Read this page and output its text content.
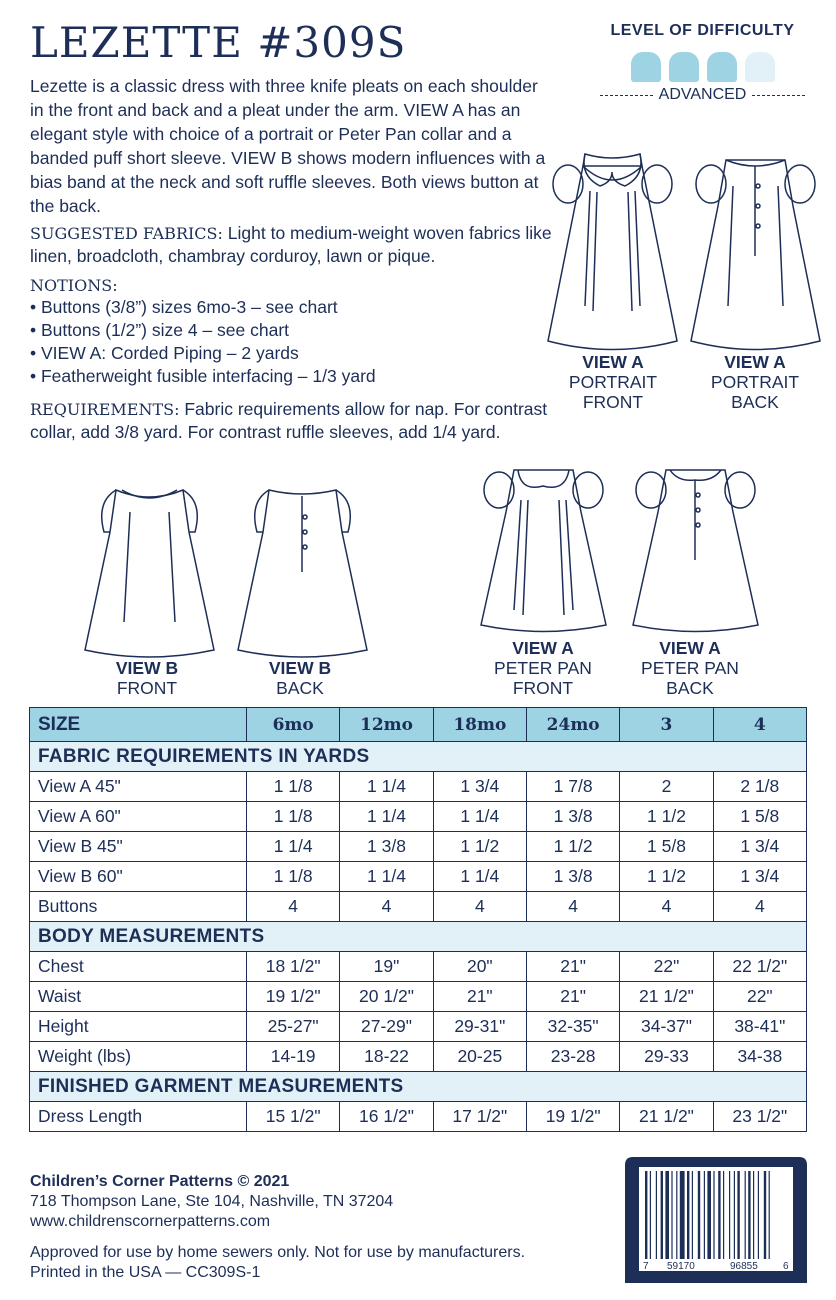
LEZETTE #309S

Lezette is a classic dress with three knife pleats on each shoulder in the front and back and a pleat under the arm. VIEW A has an elegant style with choice of a portrait or Peter Pan collar and a banded puff short sleeve. VIEW B shows modern influences with a bias band at the neck and soft ruffle sleeves. Both views button at the back.

SUGGESTED FABRICS: Light to medium-weight woven fabrics like linen, broadcloth, chambray corduroy, lawn or pique.

NOTIONS:

• Buttons (3/8”) sizes 6mo-3 – see chart
• Buttons (1/2”) size 4 – see chart
• VIEW A: Corded Piping – 2 yards
• Featherweight fusible interfacing – 1/3 yard

REQUIREMENTS: Fabric requirements allow for nap. For contrast collar, add 3/8 yard. For contrast ruffle sleeves, add 1/4 yard.

LEVEL OF DIFFICULTY
ADVANCED
VIEW A
PORTRAIT
FRONT
VIEW A
PORTRAIT
BACK
VIEW B
FRONT
VIEW B
BACK
VIEW A
PETER PAN
FRONT
VIEW A
PETER PAN
BACK
SIZE	6mo	12mo	18mo	24mo	3	4
FABRIC REQUIREMENTS IN YARDS						
View A 45"	1 1/8	1 1/4	1 3/4	1 7/8	2	2 1/8
View A 60"	1 1/8	1 1/4	1 1/4	1 3/8	1 1/2	1 5/8
View B 45"	1 1/4	1 3/8	1 1/2	1 1/2	1 5/8	1 3/4
View B 60"	1 1/8	1 1/4	1 1/4	1 3/8	1 1/2	1 3/4
Buttons	4	4	4	4	4	4
BODY MEASUREMENTS						
Chest	18 1/2"	19"	20"	21"	22"	22 1/2"
Waist	19 1/2"	20 1/2"	21"	21"	21 1/2"	22"
Height	25-27"	27-29"	29-31"	32-35"	34-37"	38-41"
Weight (lbs)	14-19	18-22	20-25	23-28	29-33	34-38
FINISHED GARMENT MEASUREMENTS						
Dress Length	15 1/2"	16 1/2"	17 1/2"	19 1/2"	21 1/2"	23 1/2"
Children’s Corner Patterns © 2021
718 Thompson Lane, Ste 104, Nashville, TN 37204
www.childrenscornerpatterns.com
Approved for use by home sewers only. Not for use by manufacturers.
Printed in the USA — CC309S-1	7 59170	96855	6
